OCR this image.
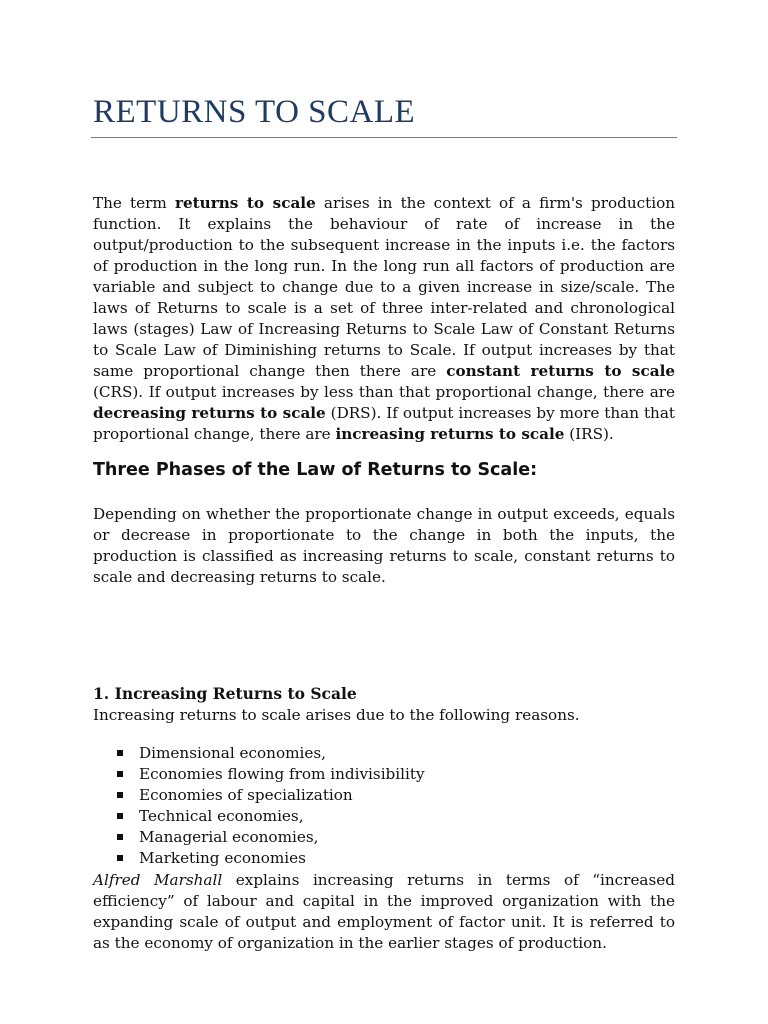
RETURNS TO SCALE

The term returns to scale arises in the context of a firm's production function. It explains the behaviour of rate of increase in the output/production to the subsequent increase in the inputs i.e. the factors of production in the long run. In the long run all factors of production are variable and subject to change due to a given increase in size/scale. The laws of Returns to scale is a set of three inter-related and chronological laws (stages) Law of Increasing Returns to Scale Law of Constant Returns to Scale Law of Diminishing returns to Scale. If output increases by that same proportional change then there are constant returns to scale (CRS). If output increases by less than that proportional change, there are decreasing returns to scale (DRS). If output increases by more than that proportional change, there are increasing returns to scale (IRS).

Three Phases of the Law of Returns to Scale:

Depending on whether the proportionate change in output exceeds, equals or decrease in proportionate to the change in both the inputs, the production is classified as increasing returns to scale, constant returns to scale and decreasing returns to scale.

1. Increasing Returns to Scale

Increasing returns to scale arises due to the following reasons.

Dimensional economies,
Economies flowing from indivisibility
Economies of specialization
Technical economies,
Managerial economies,
Marketing economies

Alfred Marshall explains increasing returns in terms of “increased efficiency” of labour and capital in the improved organization with the expanding scale of output and employment of factor unit. It is referred to as the economy of organization in the earlier stages of production.
